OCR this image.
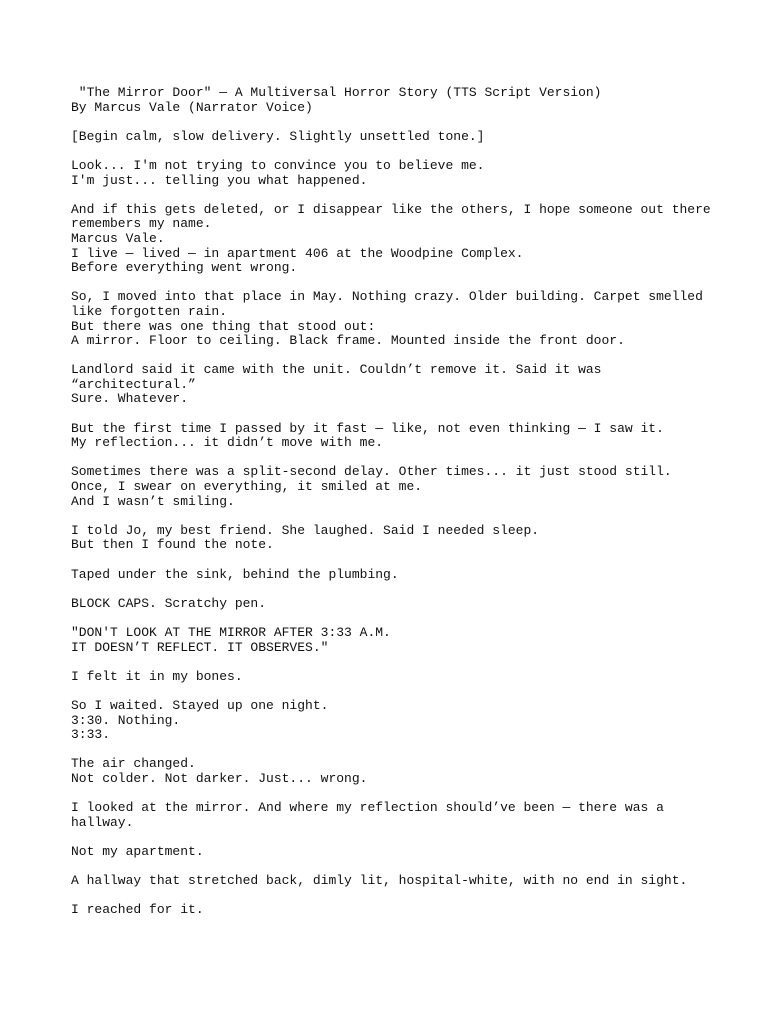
"The Mirror Door" — A Multiversal Horror Story (TTS Script Version)
By Marcus Vale (Narrator Voice)
[Begin calm, slow delivery. Slightly unsettled tone.]
Look... I'm not trying to convince you to believe me.
I'm just... telling you what happened.
And if this gets deleted, or I disappear like the others, I hope someone out there
remembers my name.
Marcus Vale.
I live — lived — in apartment 406 at the Woodpine Complex.
Before everything went wrong.
So, I moved into that place in May. Nothing crazy. Older building. Carpet smelled
like forgotten rain.
But there was one thing that stood out:
A mirror. Floor to ceiling. Black frame. Mounted inside the front door.
Landlord said it came with the unit. Couldn’t remove it. Said it was
“architectural.”
Sure. Whatever.
But the first time I passed by it fast — like, not even thinking — I saw it.
My reflection... it didn’t move with me.
Sometimes there was a split-second delay. Other times... it just stood still.
Once, I swear on everything, it smiled at me.
And I wasn’t smiling.
I told Jo, my best friend. She laughed. Said I needed sleep.
But then I found the note.
Taped under the sink, behind the plumbing.
BLOCK CAPS. Scratchy pen.
"DON'T LOOK AT THE MIRROR AFTER 3:33 A.M.
IT DOESN’T REFLECT. IT OBSERVES."
I felt it in my bones.
So I waited. Stayed up one night.
3:30. Nothing.
3:33.
The air changed.
Not colder. Not darker. Just... wrong.
I looked at the mirror. And where my reflection should’ve been — there was a
hallway.
Not my apartment.
A hallway that stretched back, dimly lit, hospital-white, with no end in sight.
I reached for it.
